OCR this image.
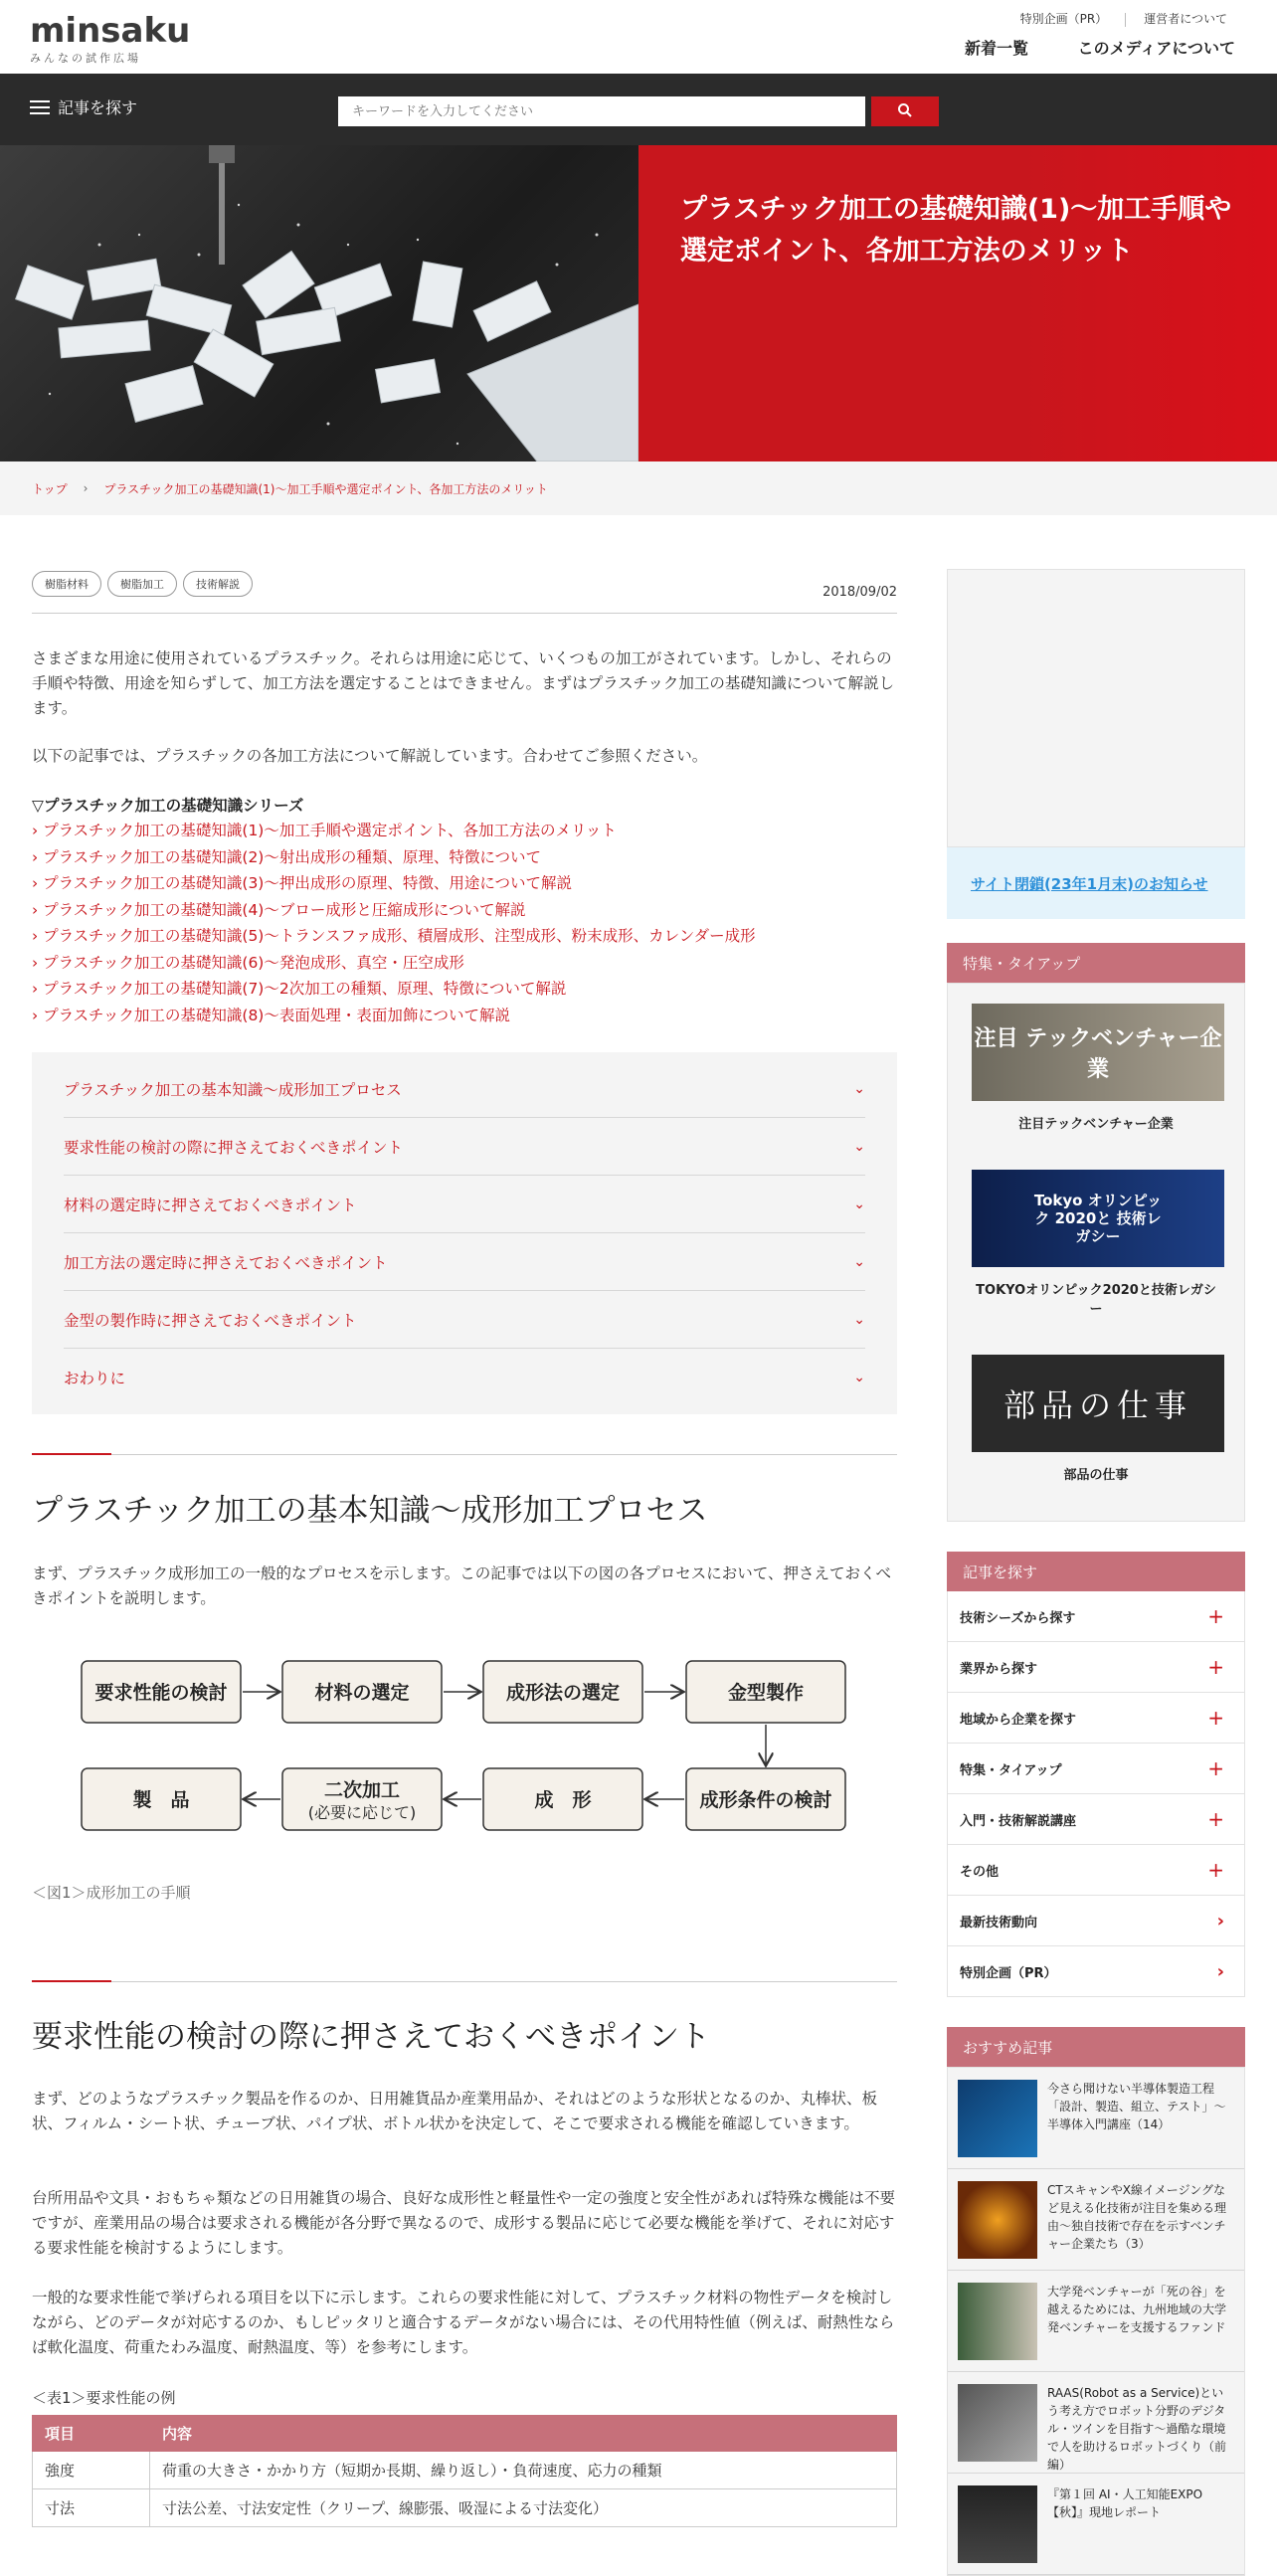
minsaku
みんなの試作広場
特別企画（PR）	運営者について
新着一覧	このメディアについて
記事を探す
キーワードを入力してください
プラスチック加工の基礎知識(1)～加工手順や選定ポイント、各加工方法のメリット
トップ › プラスチック加工の基礎知識(1)～加工手順や選定ポイント、各加工方法のメリット
樹脂材料	樹脂加工	技術解説
2018/09/02

さまざまな用途に使用されているプラスチック。それらは用途に応じて、いくつもの加工がされています。しかし、それらの手順や特徴、用途を知らずして、加工方法を選定することはできません。まずはプラスチック加工の基礎知識について解説します。

以下の記事では、プラスチックの各加工方法について解説しています。合わせてご参照ください。

▽プラスチック加工の基礎知識シリーズ
› プラスチック加工の基礎知識(1)～加工手順や選定ポイント、各加工方法のメリット
› プラスチック加工の基礎知識(2)～射出成形の種類、原理、特徴について
› プラスチック加工の基礎知識(3)～押出成形の原理、特徴、用途について解説
› プラスチック加工の基礎知識(4)～ブロー成形と圧縮成形について解説
› プラスチック加工の基礎知識(5)～トランスファ成形、積層成形、注型成形、粉末成形、カレンダー成形
› プラスチック加工の基礎知識(6)～発泡成形、真空・圧空成形
› プラスチック加工の基礎知識(7)～2次加工の種類、原理、特徴について解説
› プラスチック加工の基礎知識(8)〜表面処理・表面加飾について解説
プラスチック加工の基本知識～成形加工プロセス	⌄
要求性能の検討の際に押さえておくべきポイント	⌄
材料の選定時に押さえておくべきポイント	⌄
加工方法の選定時に押さえておくべきポイント	⌄
金型の製作時に押さえておくべきポイント	⌄
おわりに	⌄
プラスチック加工の基本知識～成形加工プロセス

まず、プラスチック成形加工の一般的なプロセスを示します。この記事では以下の図の各プロセスにおいて、押さえておくべきポイントを説明します。

要求性能の検討	材料の選定	成形法の選定	金型製作
成形条件の検討
成　形
二次加工
(必要に応じて)
製　品
＜図1＞成形加工の手順
要求性能の検討の際に押さえておくべきポイント

まず、どのようなプラスチック製品を作るのか、日用雑貨品か産業用品か、それはどのような形状となるのか、丸棒状、板状、フィルム・シート状、チューブ状、パイプ状、ボトル状かを決定して、そこで要求される機能を確認していきます。

台所用品や文具・おもちゃ類などの日用雑貨の場合、良好な成形性と軽量性や一定の強度と安全性があれば特殊な機能は不要ですが、産業用品の場合は要求される機能が各分野で異なるので、成形する製品に応じて必要な機能を挙げて、それに対応する要求性能を検討するようにします。

一般的な要求性能で挙げられる項目を以下に示します。これらの要求性能に対して、プラスチック材料の物性データを検討しながら、どのデータが対応するのか、もしピッタリと適合するデータがない場合には、その代用特性値（例えば、耐熱性ならば軟化温度、荷重たわみ温度、耐熱温度、等）を参考にします。

＜表1＞要求性能の例
項目	内容
強度	荷重の大きさ・かかり方（短期か長期、繰り返し）・負荷速度、応力の種類
寸法	寸法公差、寸法安定性（クリープ、線膨張、吸湿による寸法変化）
サイト閉鎖(23年1月末)のお知らせ
特集・タイアップ
注目 テックベンチャー企業
注目テックベンチャー企業
Tokyo オリンピック 2020と 技術レガシー
TOKYOオリンピック2020と技術レガシー
部品の仕事
部品の仕事
記事を探す
技術シーズから探す	+
業界から探す	+
地域から企業を探す	+
特集・タイアップ	+
入門・技術解説講座	+
その他	+
最新技術動向	›
特別企画（PR）	›
おすすめ記事
今さら聞けない半導体製造工程「設計、製造、組立、テスト」〜半導体入門講座（14）
CTスキャンやX線イメージングなど見える化技術が注目を集める理由〜独自技術で存在を示すベンチャー企業たち（3）
大学発ベンチャーが「死の谷」を越えるためには、九州地域の大学発ベンチャーを支援するファンド
RAAS(Robot as a Service)という考え方でロボット分野のデジタル・ツインを目指す〜過酷な環境で人を助けるロボットづくり（前編）
『第１回 AI・人工知能EXPO【秋】』現地レポート
